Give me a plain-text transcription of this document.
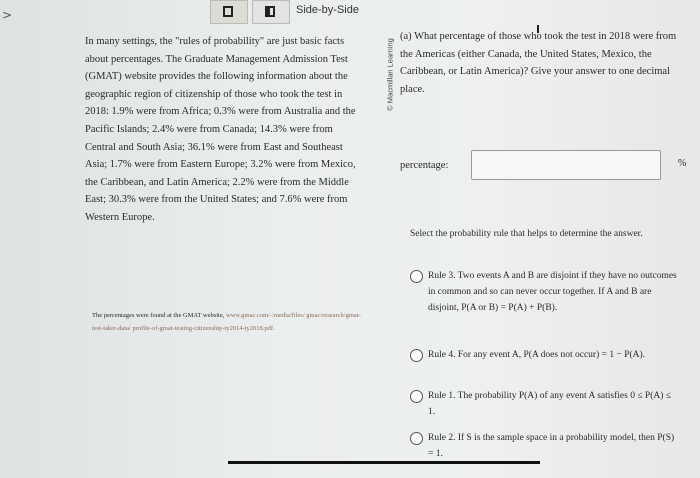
>	Side-by-Side
In many settings, the "rules of probability" are just basic facts about percentages. The Graduate Management Admission Test (GMAT) website provides the following information about the geographic region of citizenship of those who took the test in 2018: 1.9% were from Africa; 0.3% were from Australia and the Pacific Islands; 2.4% were from Canada; 14.3% were from Central and South Asia; 36.1% were from East and Southeast Asia; 1.7% were from Eastern Europe; 3.2% were from Mexico, the Caribbean, and Latin America; 2.2% were from the Middle East; 30.3% were from the United States; and 7.6% were from Western Europe.
The percentages were found at the GMAT website, www.gmac.com/-/media/files/ gmac/research/gmat-test-taker-data/ profile-of-gmat-testing-citizenship-ty2014-ty2018.pdf.
© Macmillan Learning
(a) What percentage of those who took the test in 2018 were from the Americas (either Canada, the United States, Mexico, the Caribbean, or Latin America)? Give your answer to one decimal place.
percentage:	%
Select the probability rule that helps to determine the answer.
Rule 3. Two events A and B are disjoint if they have no outcomes in common and so can never occur together. If A and B are disjoint, P(A or B) = P(A) + P(B).
Rule 4. For any event A, P(A does not occur) = 1 − P(A).
Rule 1. The probability P(A) of any event A satisfies 0 ≤ P(A) ≤ 1.
Rule 2. If S is the sample space in a probability model, then P(S) = 1.
